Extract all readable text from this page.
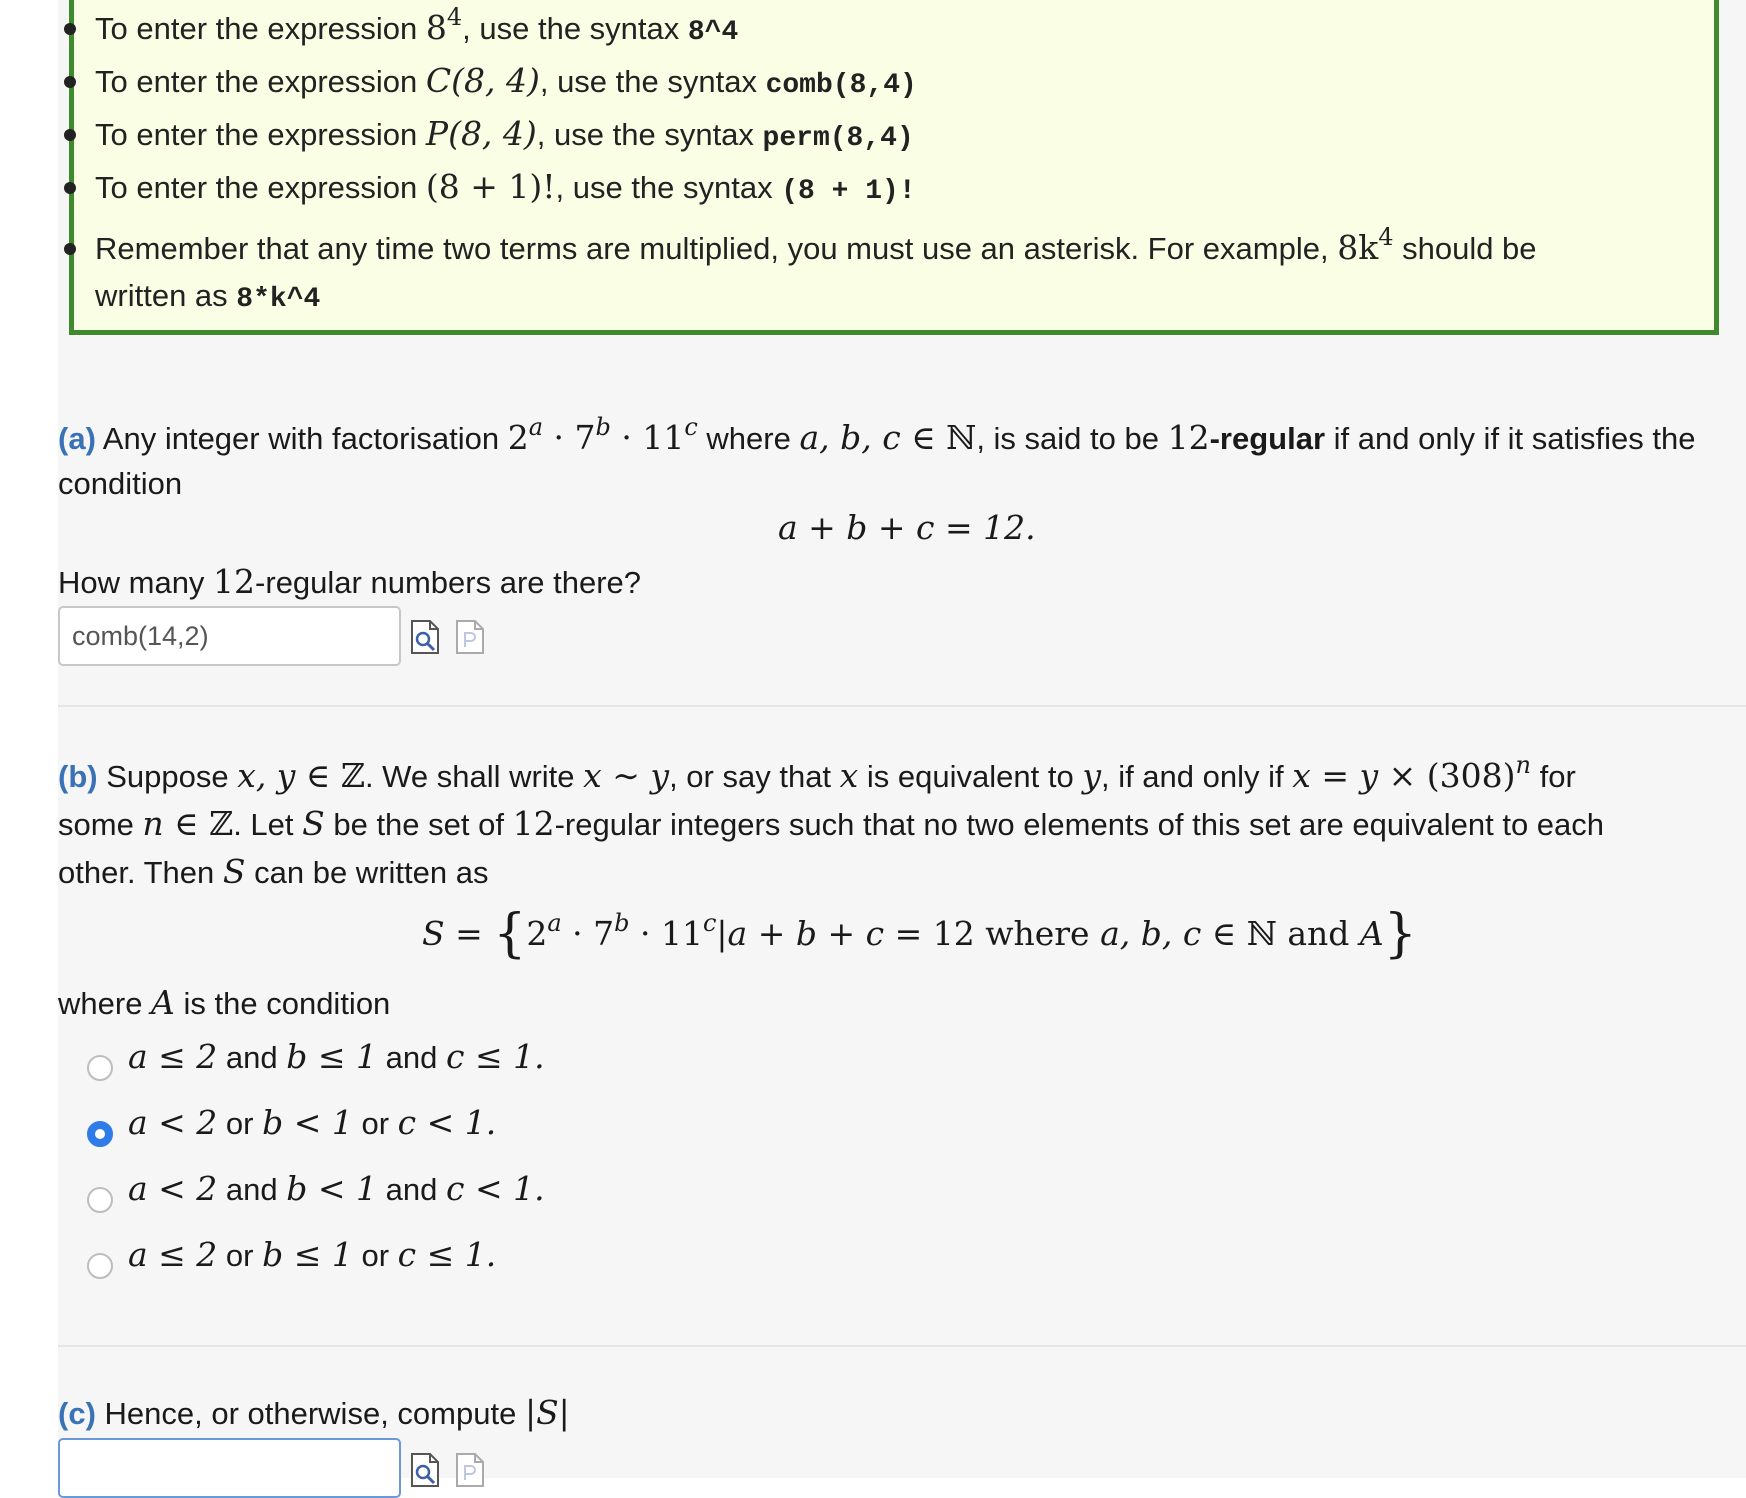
To enter the expression $8^4$, use the syntax 8^4
To enter the expression C(8, 4), use the syntax comb(8,4)
To enter the expression P(8, 4), use the syntax perm(8,4)
To enter the expression (8 + 1)!, use the syntax (8 + 1)!
Remember that any time two terms are multiplied, you must use an asterisk. For example, $8k^4$ should be
written as 8*k^4
(a) Any integer with factorisation $2^a \cdot 7^b \cdot 11^c$ where a, b, c ∈ ℕ, is said to be 12-regular if and only if it satisfies the
condition
a + b + c = 12.
How many 12-regular numbers are there?
comb(14,2)
(b) Suppose x, y ∈ ℤ. We shall write x ∼ y, or say that x is equivalent to y, if and only if $x = y \times (308)^n$ for
some n ∈ ℤ. Let S be the set of 12-regular integers such that no two elements of this set are equivalent to each
other. Then S can be written as
S = {2a · 7b · 11c|a + b + c = 12 where a, b, c ∈ ℕ and A}
where A is the condition
a ≤ 2 and b ≤ 1 and c ≤ 1.
a < 2 or b < 1 or c < 1.
a < 2 and b < 1 and c < 1.
a ≤ 2 or b ≤ 1 or c ≤ 1.
(c) Hence, or otherwise, compute |S|
